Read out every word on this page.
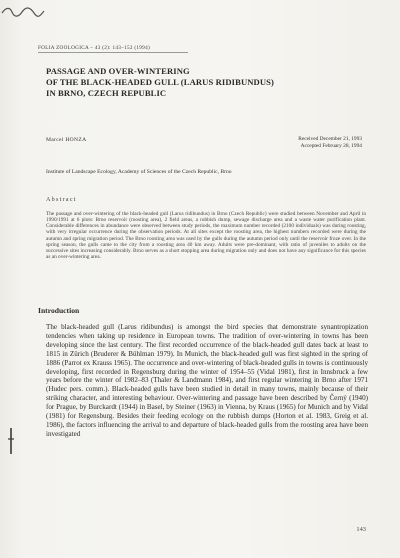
FOLIA ZOOLOGICA – 43 (2): 143–152 (1994)
PASSAGE AND OVER-WINTERING
OF THE BLACK-HEADED GULL (LARUS RIDIBUNDUS)
IN BRNO, CZECH REPUBLIC
Marcel HONZA	Received December 21, 1993
Accepted February 28, 1994
Institute of Landscape Ecology, Academy of Sciences of the Czech Republic, Brno
Abstract
The passage and over-wintering of the black-headed gull (Larus ridibundus) in Brno (Czech Republic) were studied between November and April in 1990/1991 at 6 plots: Brno reservoir (roosting area), 2 field areas, a rubbish dump, sewage discharge area and a waste water purification plant. Considerable differences in abundance were observed between study periods, the maximum number recorded (2100 individuals) was during roosting, with very irregular occurrence during the observation periods. At all sites except the roosting area, the highest numbers recorded were during the autumn and spring migration period. The Brno roosting area was used by the gulls during the autumn period only until the reservoir froze over. In the spring season, the gulls came to the city from a roosting area 40 km away. Adults were pre-dominant, with ratio of juveniles to adults on the successive sites increasing considerably. Brno serves as a short stopping area during migration only and does not have any significance for this species as an over-wintering area.
Introduction
The black-headed gull (Larus ridibundus) is amongst the bird species that demonstrate synantropization tendencies when taking up residence in European towns. The tradition of over-wintering in towns has been developing since the last century. The first recorded occurrence of the black-headed gull dates back at least to 1815 in Zürich (Bruderer & Bühlman 1979). In Munich, the black-headed gull was first sighted in the spring of 1886 (Parrot ex Krauss 1965). The occurrence and over-wintering of black-headed gulls in towns is continuously developing, first recorded in Regensburg during the winter of 1954–55 (Vidal 1981), first in Innsbruck a few years before the winter of 1982–83 (Thaler & Landmann 1984), and first regular wintering in Brno after 1971 (Hudec pers. comm.). Black-headed gulls have been studied in detail in many towns, mainly because of their striking character, and interesting behaviour. Over-wintering and passage have been described by Černý (1940) for Prague, by Burckardt (1944) in Basel, by Steiner (1963) in Vienna, by Kraus (1965) for Munich and by Vidal (1981) for Regensburg. Besides their feeding ecology on the rubbish dumps (Horton et al. 1983, Greig et al. 1986), the factors influencing the arrival to and departure of black-headed gulls from the roosting area have been investigated
143
